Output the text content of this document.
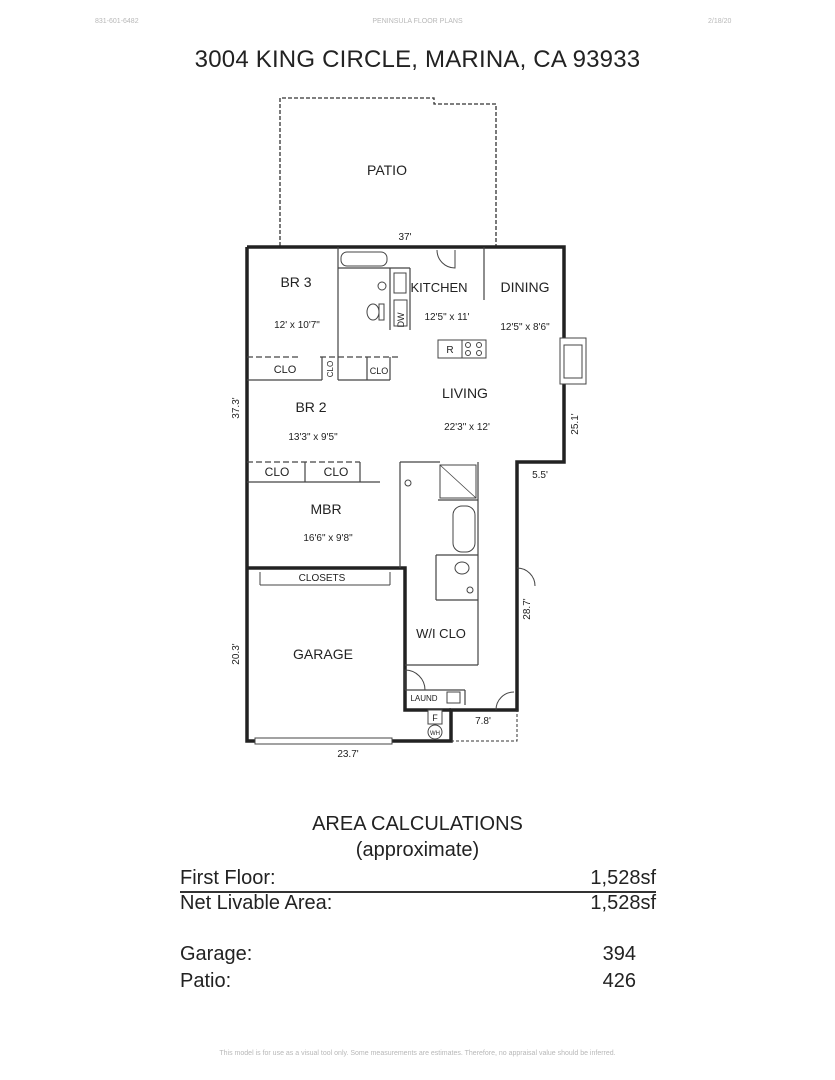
831-601-6482	PENINSULA FLOOR PLANS	2/18/20
3004 KING CIRCLE, MARINA, CA 93933
DW
R
F
WH
PATIO
37'
BR 3
12' x 10'7"
KITCHEN
12'5" x 11'
DINING
12'5" x 8'6"
CLO	CLO	CLO
BR 2
13'3" x 9'5"
LIVING
22'3" x 12'
CLO	CLO
MBR
16'6" x 9'8"
CLOSETS
GARAGE
W/I CLO
LAUND
37.3'
25.1'
5.5'
28.7'
20.3'
23.7'
7.8'
AREA CALCULATIONS
(approximate)
First Floor:	1,528sf
Net Livable Area:	1,528sf
Garage:	394
Patio:	426
This model is for use as a visual tool only. Some measurements are estimates. Therefore, no appraisal value should be inferred.
